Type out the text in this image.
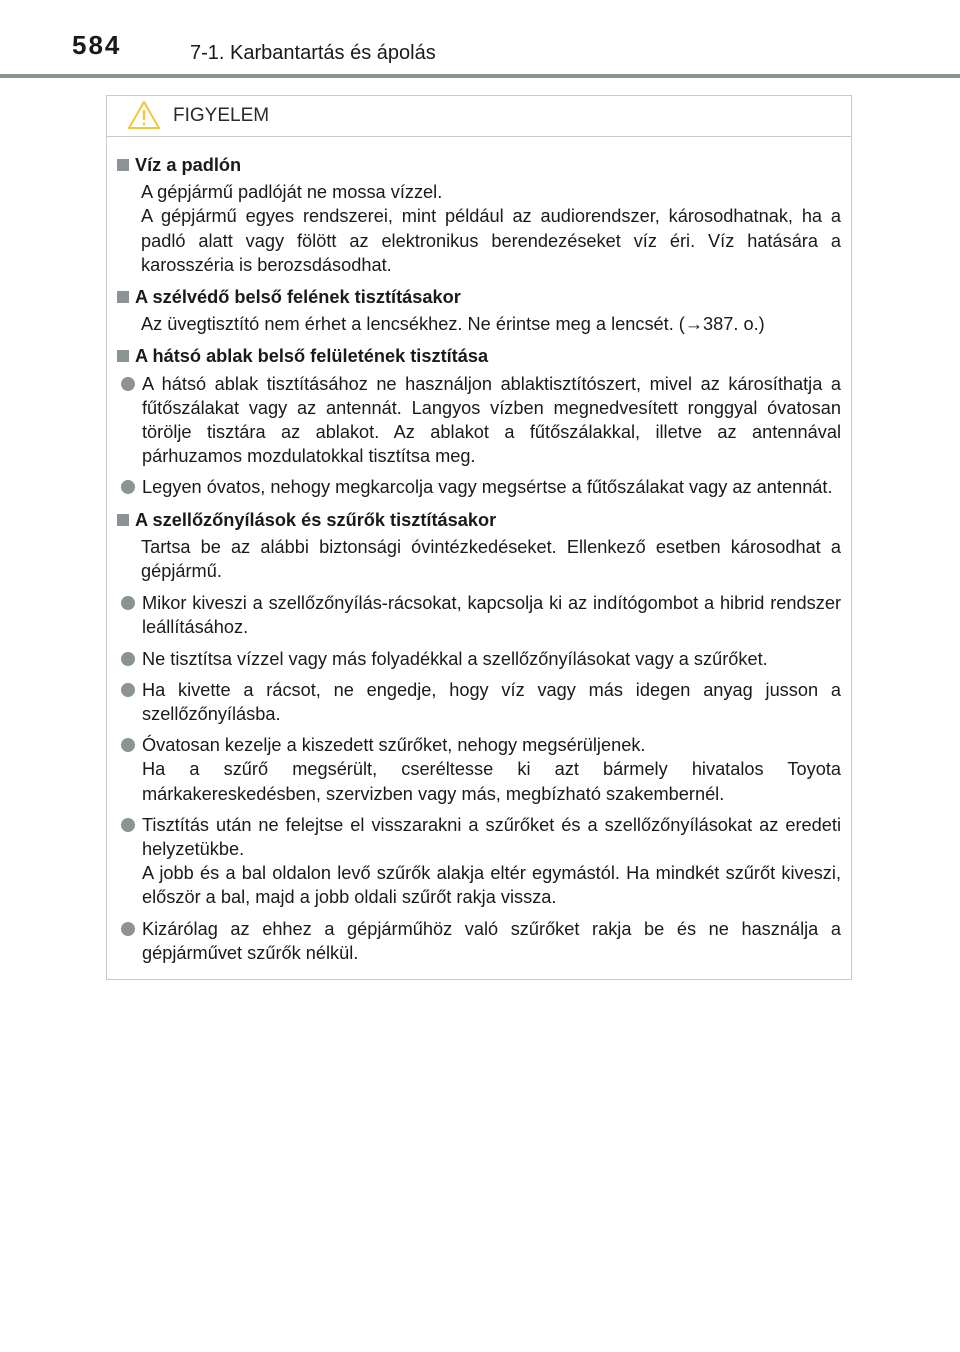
584	7-1. Karbantartás és ápolás
FIGYELEM
Víz a padlón
A gépjármű padlóját ne mossa vízzel.
A gépjármű egyes rendszerei, mint például az audiorendszer, károsodhatnak, ha a padló alatt vagy fölött az elektronikus berendezéseket víz éri. Víz hatására a karosszéria is berozsdásodhat.
A szélvédő belső felének tisztításakor
Az üvegtisztító nem érhet a lencsékhez. Ne érintse meg a lencsét. (→387. o.)
A hátsó ablak belső felületének tisztítása
A hátsó ablak tisztításához ne használjon ablaktisztítószert, mivel az károsíthatja a fűtőszálakat vagy az antennát. Langyos vízben megnedvesített ronggyal óvatosan törölje tisztára az ablakot. Az ablakot a fűtőszálakkal, illetve az antennával párhuzamos mozdulatokkal tisztítsa meg.
Legyen óvatos, nehogy megkarcolja vagy megsértse a fűtőszálakat vagy az antennát.
A szellőzőnyílások és szűrők tisztításakor
Tartsa be az alábbi biztonsági óvintézkedéseket. Ellenkező esetben károsodhat a gépjármű.
Mikor kiveszi a szellőzőnyílás-rácsokat, kapcsolja ki az indítógombot a hibrid rendszer leállításához.
Ne tisztítsa vízzel vagy más folyadékkal a szellőzőnyílásokat vagy a szűrőket.
Ha kivette a rácsot, ne engedje, hogy víz vagy más idegen anyag jusson a szellőzőnyílásba.
Óvatosan kezelje a kiszedett szűrőket, nehogy megsérüljenek.
Ha a szűrő megsérült, cseréltesse ki azt bármely hivatalos Toyota márkakereskedésben, szervizben vagy más, megbízható szakembernél.
Tisztítás után ne felejtse el visszarakni a szűrőket és a szellőzőnyílásokat az eredeti helyzetükbe.
A jobb és a bal oldalon levő szűrők alakja eltér egymástól. Ha mindkét szűrőt kiveszi, először a bal, majd a jobb oldali szűrőt rakja vissza.
Kizárólag az ehhez a gépjárműhöz való szűrőket rakja be és ne használja a gépjárművet szűrők nélkül.
